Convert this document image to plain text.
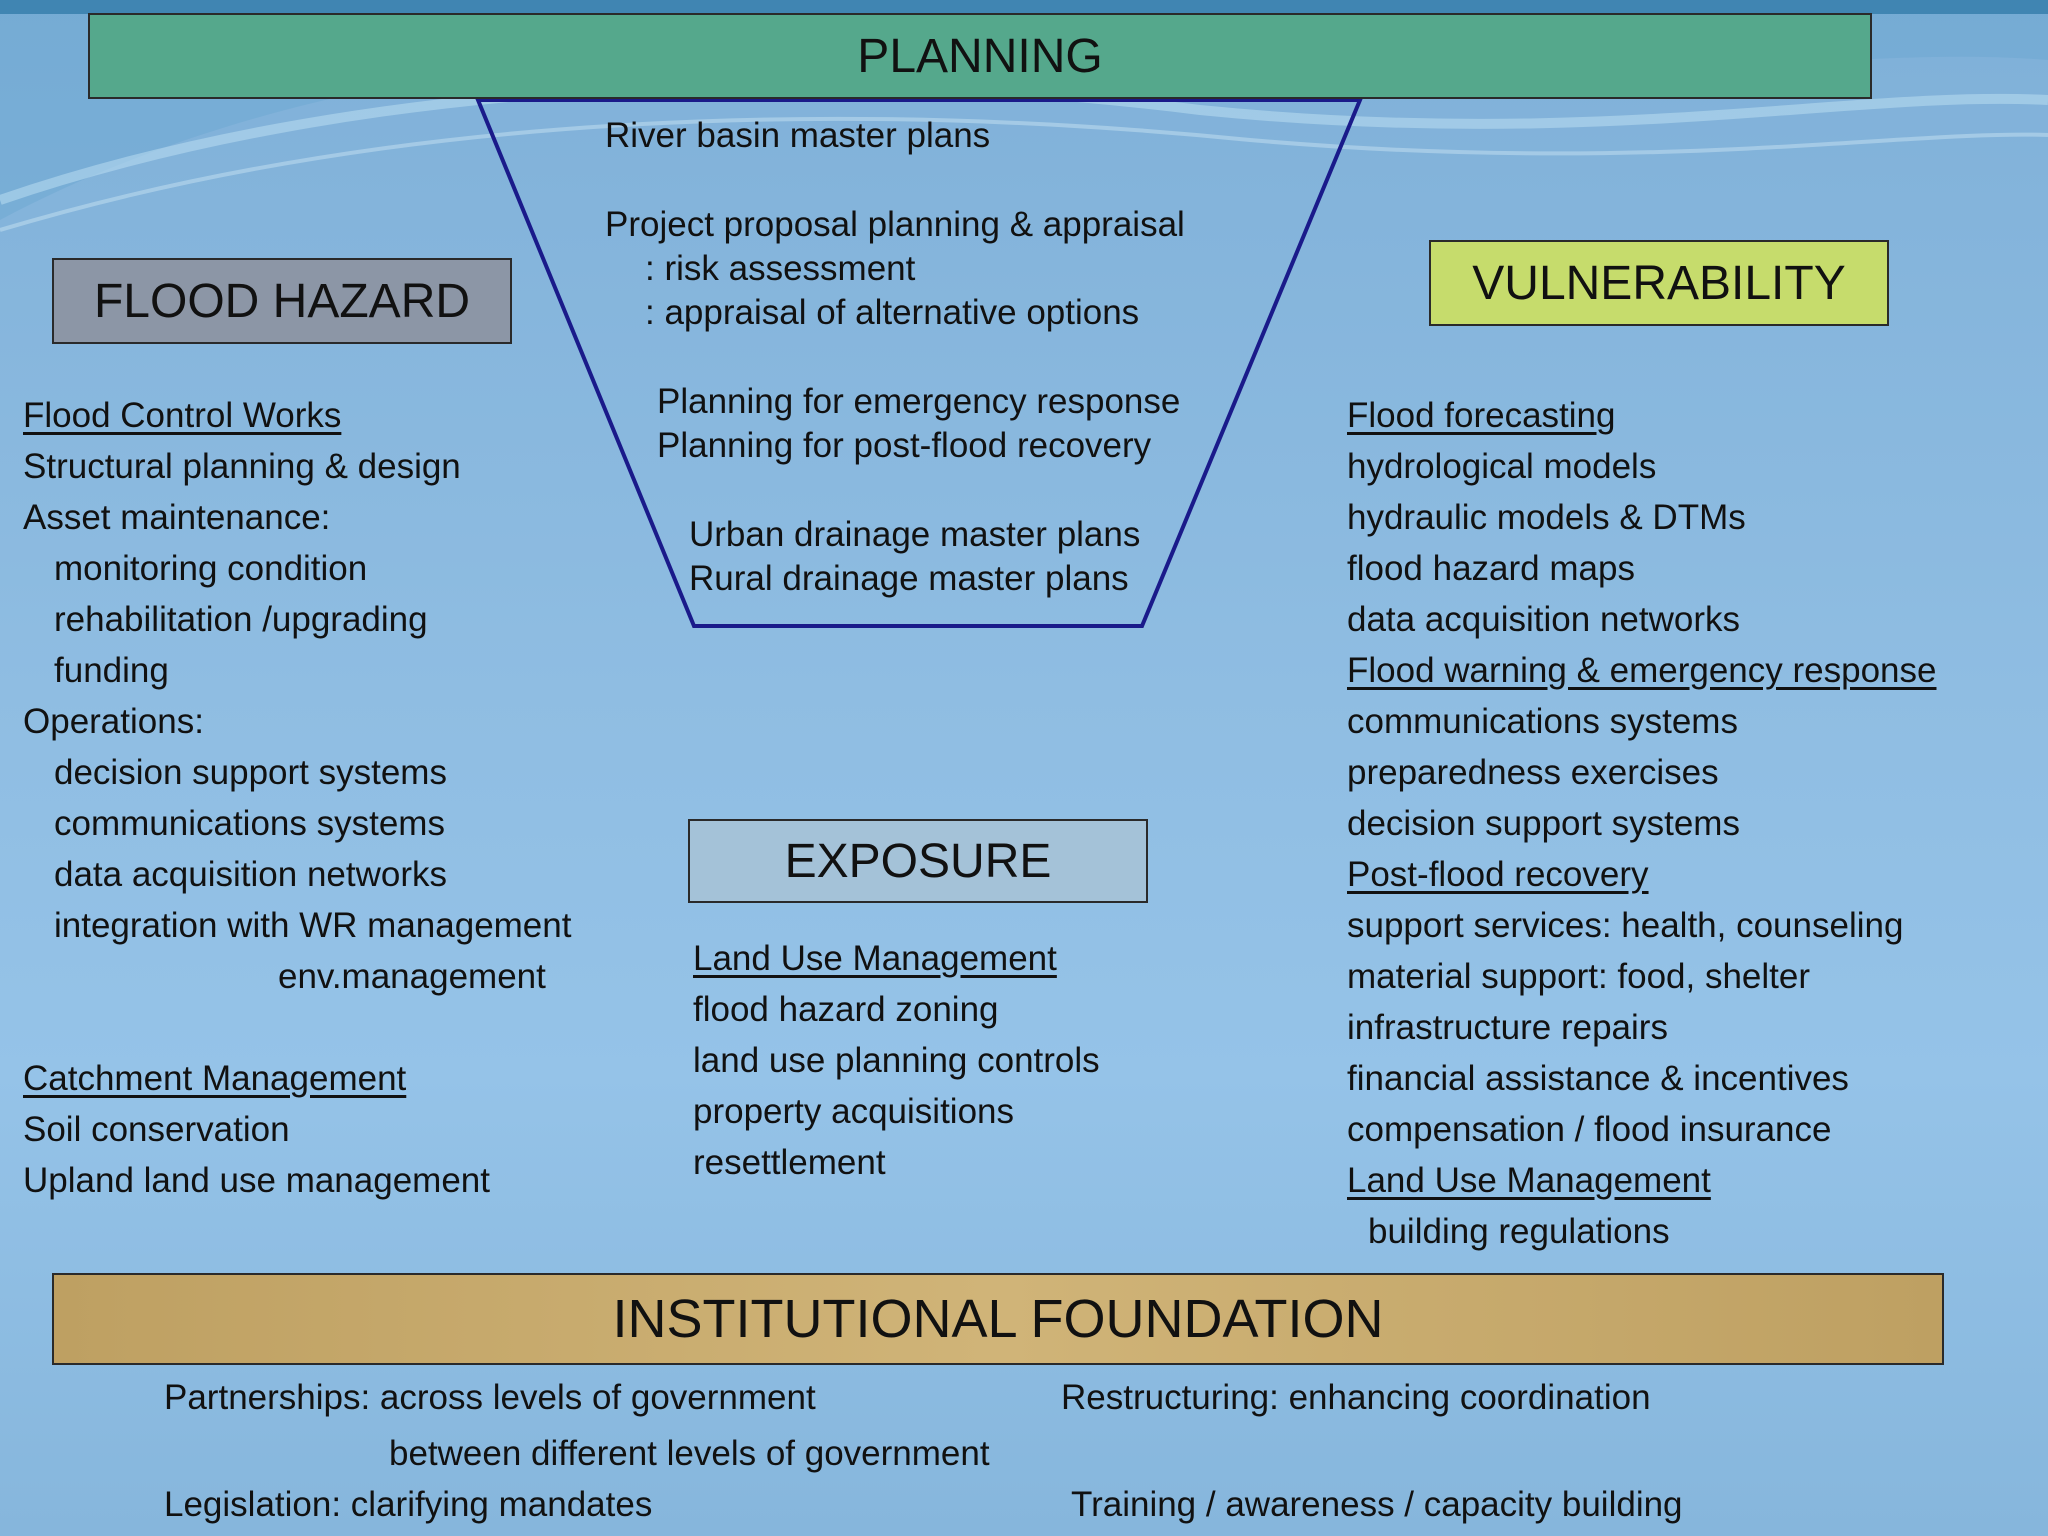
PLANNING
River basin master plans
Project proposal planning & appraisal
: risk assessment
: appraisal of alternative options
Planning for emergency response
Planning for post-flood recovery
Urban drainage master plans
Rural drainage master plans
FLOOD HAZARD
Flood Control Works
Structural planning & design
Asset maintenance:
monitoring condition
rehabilitation /upgrading
funding
Operations:
decision support systems
communications systems
data acquisition networks
integration with WR management
env.management
Catchment Management
Soil conservation
Upland land use management
VULNERABILITY
Flood forecasting
hydrological models
hydraulic models & DTMs
flood hazard maps
data acquisition networks
Flood warning & emergency response
communications systems
preparedness exercises
decision support systems
Post-flood recovery
support services: health, counseling
material support: food, shelter
infrastructure repairs
financial assistance & incentives
compensation / flood insurance
Land Use Management
building regulations
EXPOSURE
Land Use Management
flood hazard zoning
land use planning controls
property acquisitions
resettlement
INSTITUTIONAL FOUNDATION
Partnerships: across levels of government
between different levels of government
Legislation: clarifying mandates
Restructuring: enhancing coordination
Training / awareness / capacity building
